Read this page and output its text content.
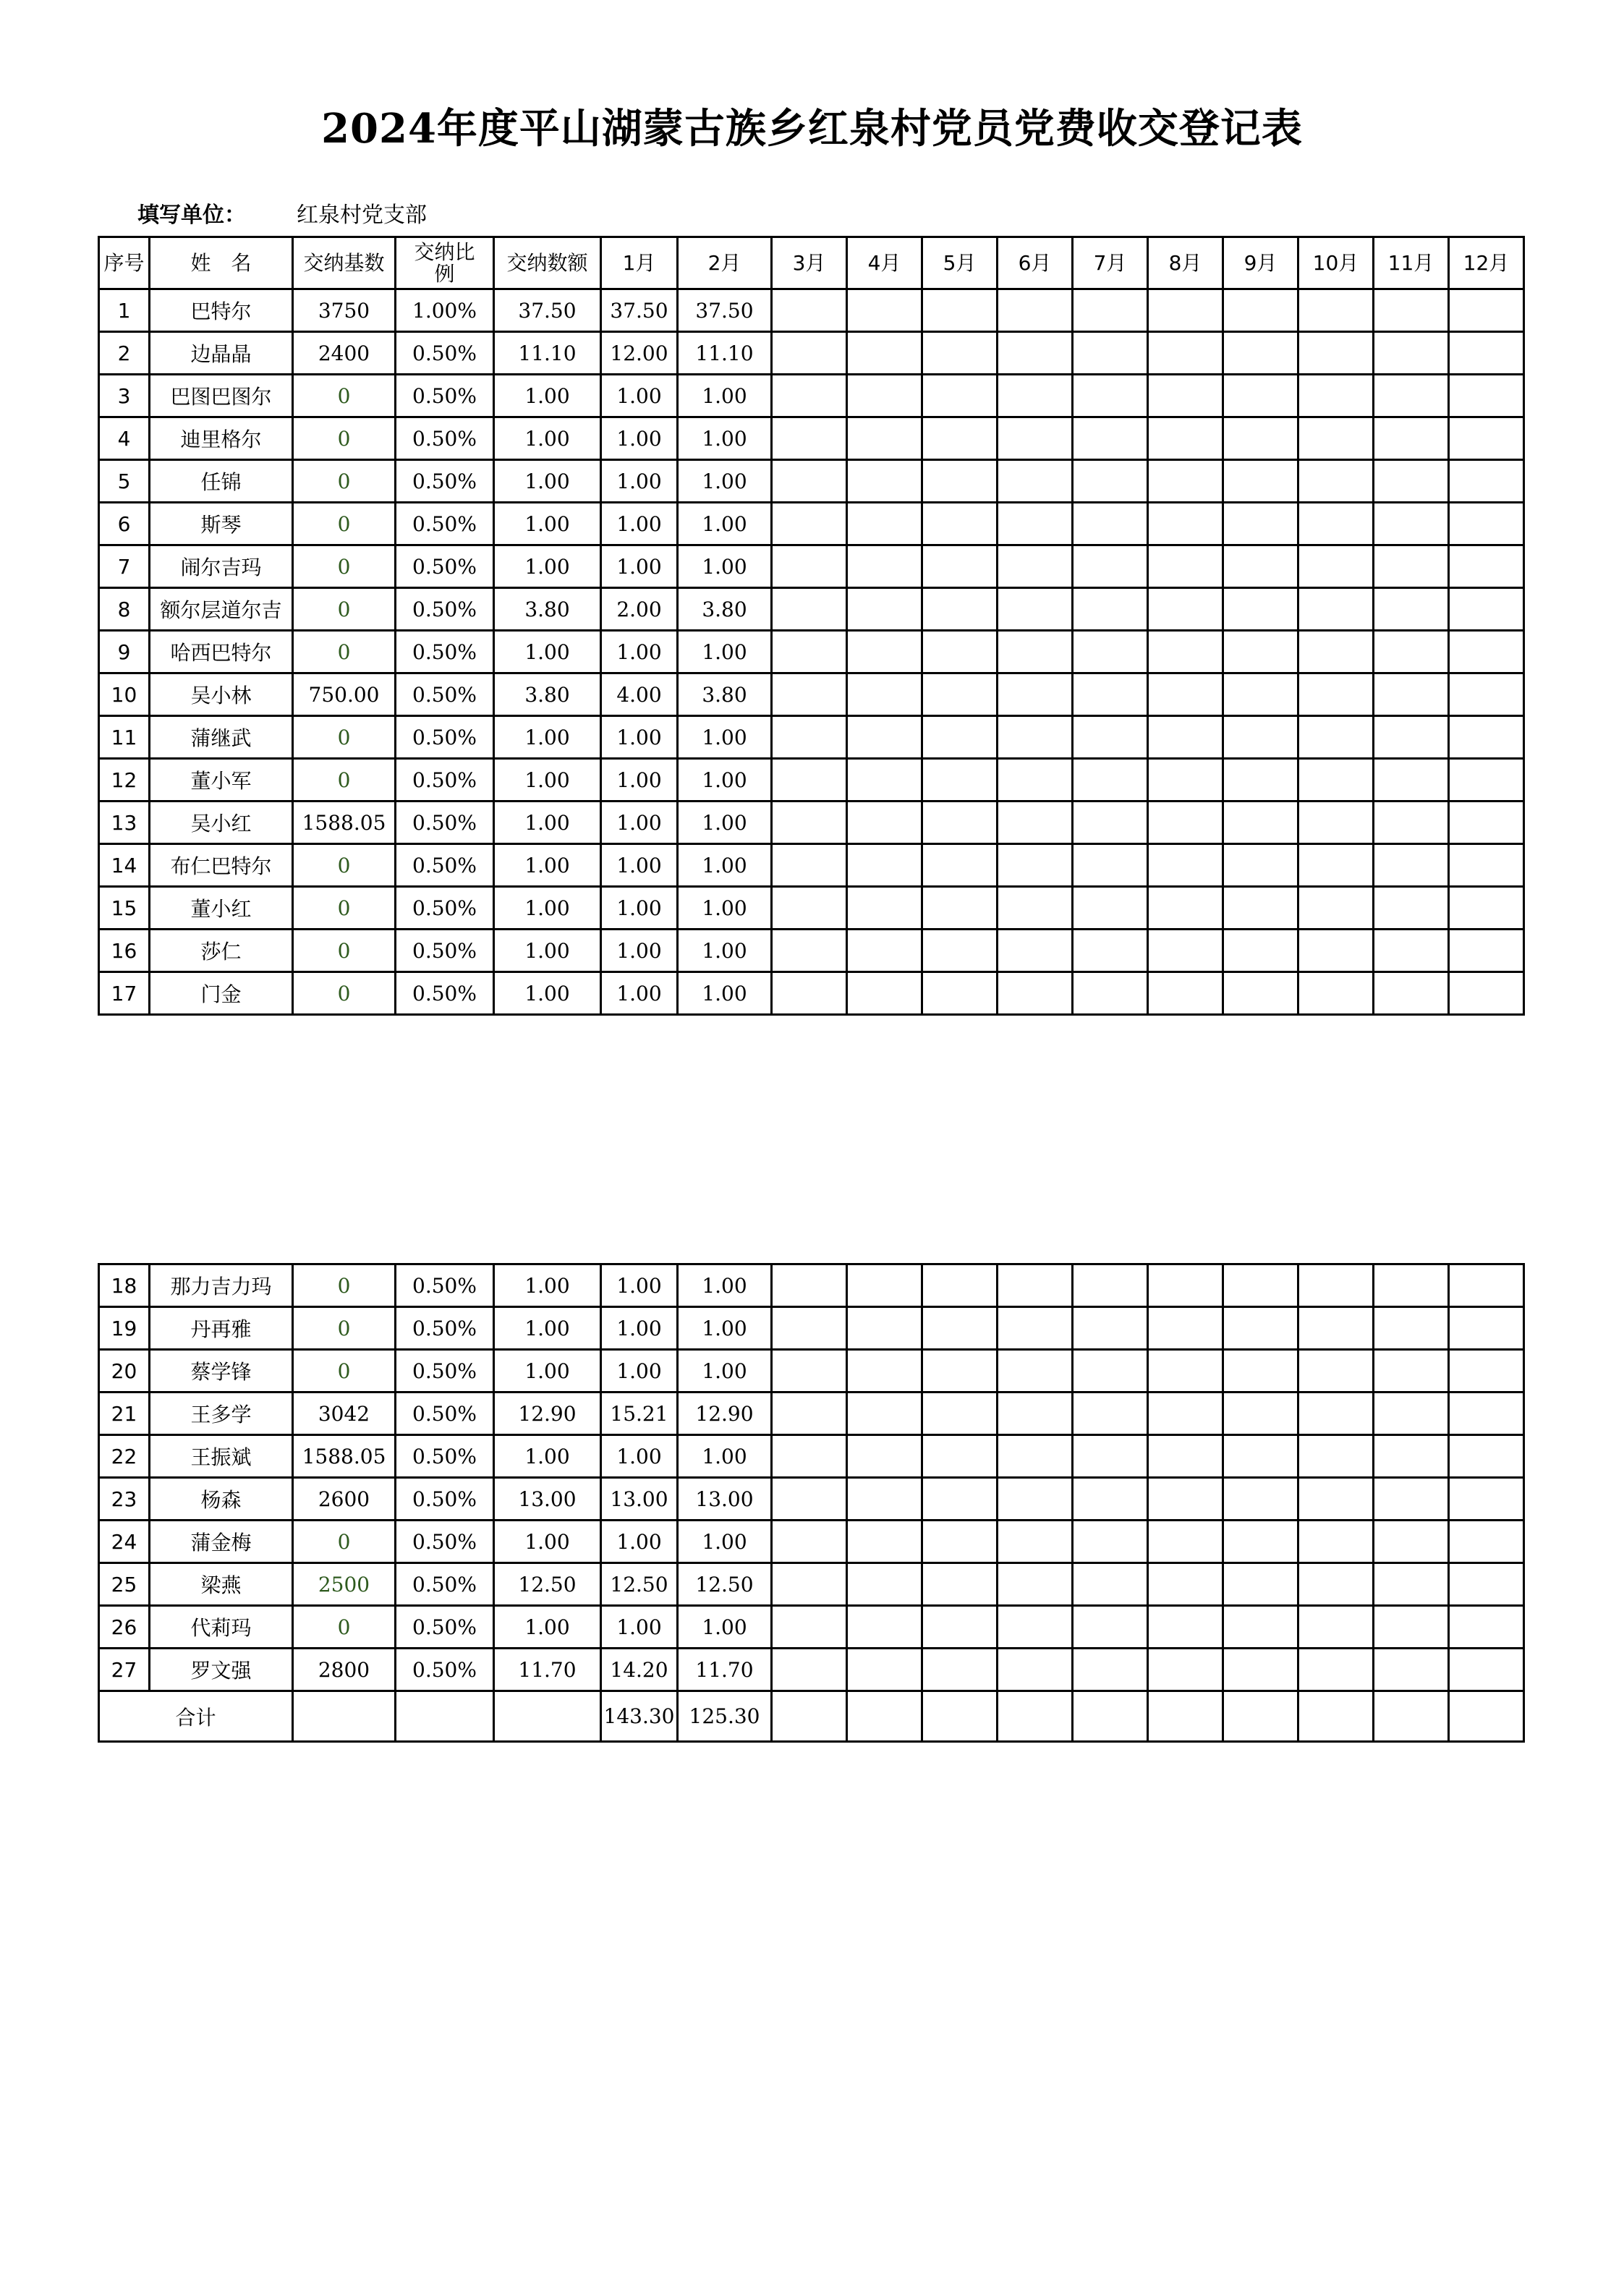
2024年度平山湖蒙古族乡红泉村党员党费收交登记表
填写单位： 红泉村党支部
序号	姓　名	交纳基数	交纳比例	交纳数额	1月	2月	3月	4月	5月	6月	7月	8月	9月	10月	11月	12月
1	巴特尔	3750	1.00%	37.50	37.50	37.50										
2	边晶晶	2400	0.50%	11.10	12.00	11.10										
3	巴图巴图尔	0	0.50%	1.00	1.00	1.00										
4	迪里格尔	0	0.50%	1.00	1.00	1.00										
5	任锦	0	0.50%	1.00	1.00	1.00										
6	斯琴	0	0.50%	1.00	1.00	1.00										
7	闹尔吉玛	0	0.50%	1.00	1.00	1.00										
8	额尔层道尔吉	0	0.50%	3.80	2.00	3.80										
9	哈西巴特尔	0	0.50%	1.00	1.00	1.00										
10	吴小林	750.00	0.50%	3.80	4.00	3.80										
11	蒲继武	0	0.50%	1.00	1.00	1.00										
12	董小军	0	0.50%	1.00	1.00	1.00										
13	吴小红	1588.05	0.50%	1.00	1.00	1.00										
14	布仁巴特尔	0	0.50%	1.00	1.00	1.00										
15	董小红	0	0.50%	1.00	1.00	1.00										
16	莎仁	0	0.50%	1.00	1.00	1.00										
17	门金	0	0.50%	1.00	1.00	1.00										
18	那力吉力玛	0	0.50%	1.00	1.00	1.00										
19	丹再雅	0	0.50%	1.00	1.00	1.00										
20	蔡学锋	0	0.50%	1.00	1.00	1.00										
21	王多学	3042	0.50%	12.90	15.21	12.90										
22	王振斌	1588.05	0.50%	1.00	1.00	1.00										
23	杨森	2600	0.50%	13.00	13.00	13.00										
24	蒲金梅	0	0.50%	1.00	1.00	1.00										
25	梁燕	2500	0.50%	12.50	12.50	12.50										
26	代莉玛	0	0.50%	1.00	1.00	1.00										
27	罗文强	2800	0.50%	11.70	14.20	11.70										
合计					143.30	125.30										
